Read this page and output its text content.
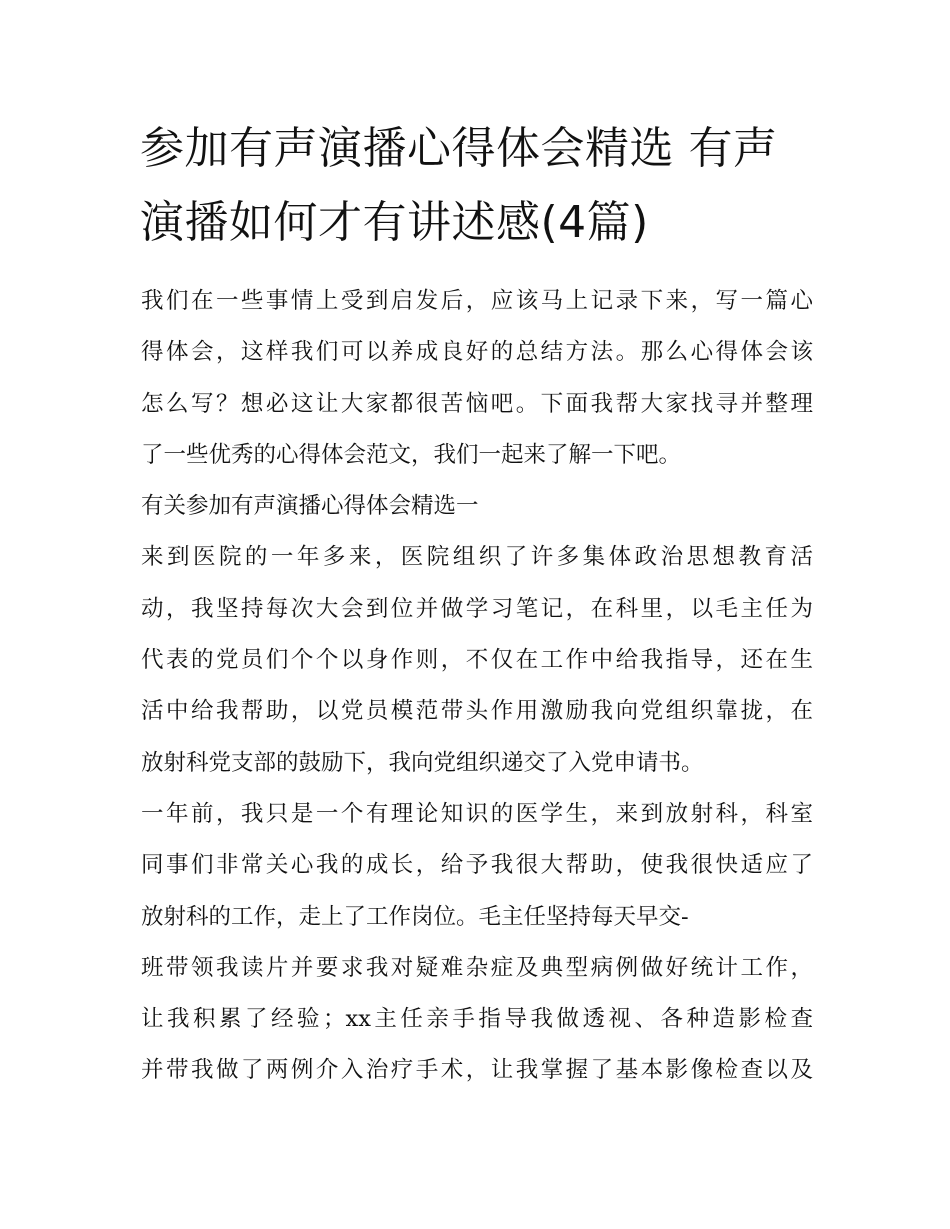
参加有声演播心得体会精选 有声演播如何才有讲述感(4篇)

我们在一些事情上受到启发后，应该马上记录下来，写一篇心
得体会，这样我们可以养成良好的总结方法。那么心得体会该
怎么写？想必这让大家都很苦恼吧。下面我帮大家找寻并整理
了一些优秀的心得体会范文，我们一起来了解一下吧。

有关参加有声演播心得体会精选一

来到医院的一年多来，医院组织了许多集体政治思想教育活
动，我坚持每次大会到位并做学习笔记，在科里，以毛主任为
代表的党员们个个以身作则，不仅在工作中给我指导，还在生
活中给我帮助，以党员模范带头作用激励我向党组织靠拢，在
放射科党支部的鼓励下，我向党组织递交了入党申请书。

一年前，我只是一个有理论知识的医学生，来到放射科，科室
同事们非常关心我的成长，给予我很大帮助，使我很快适应了
放射科的工作，走上了工作岗位。毛主任坚持每天早交-

班带领我读片并要求我对疑难杂症及典型病例做好统计工作，
让我积累了经验；xx主任亲手指导我做透视、各种造影检查
并带我做了两例介入治疗手术，让我掌握了基本影像检查以及
